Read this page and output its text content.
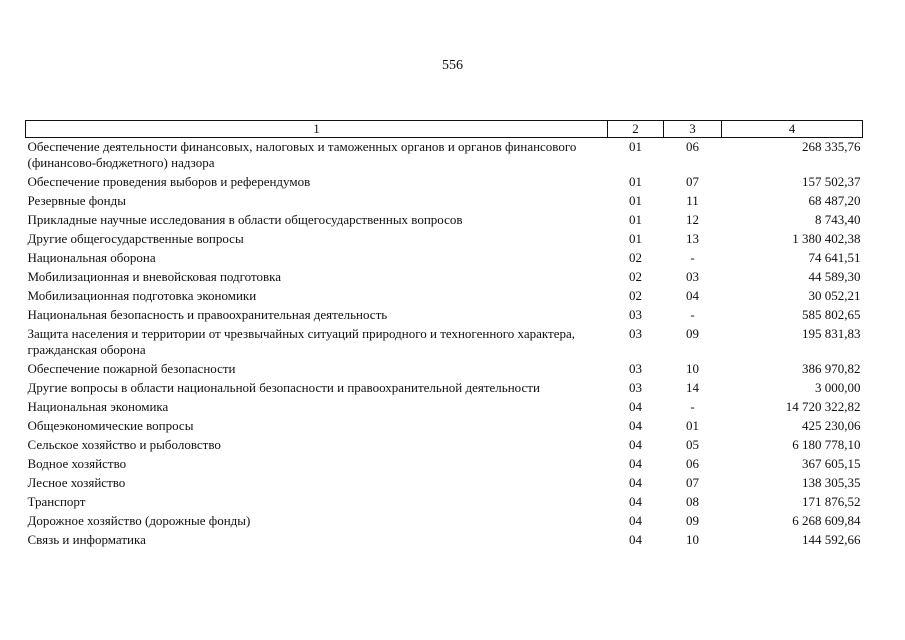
556
1	2	3	4
Обеспечение деятельности финансовых, налоговых и таможенных органов и органов финансового (финансово-бюджетного) надзора	01	06	268 335,76
Обеспечение проведения выборов и референдумов	01	07	157 502,37
Резервные фонды	01	11	68 487,20
Прикладные научные исследования в области общегосударственных вопросов	01	12	8 743,40
Другие общегосударственные вопросы	01	13	1 380 402,38
Национальная оборона	02	-	74 641,51
Мобилизационная и вневойсковая подготовка	02	03	44 589,30
Мобилизационная подготовка экономики	02	04	30 052,21
Национальная безопасность и правоохранительная деятельность	03	-	585 802,65
Защита населения и территории от чрезвычайных ситуаций природного и техногенного характера, гражданская оборона	03	09	195 831,83
Обеспечение пожарной безопасности	03	10	386 970,82
Другие вопросы в области национальной безопасности и правоохранительной деятельности	03	14	3 000,00
Национальная экономика	04	-	14 720 322,82
Общеэкономические вопросы	04	01	425 230,06
Сельское хозяйство и рыболовство	04	05	6 180 778,10
Водное хозяйство	04	06	367 605,15
Лесное хозяйство	04	07	138 305,35
Транспорт	04	08	171 876,52
Дорожное хозяйство (дорожные фонды)	04	09	6 268 609,84
Связь и информатика	04	10	144 592,66
